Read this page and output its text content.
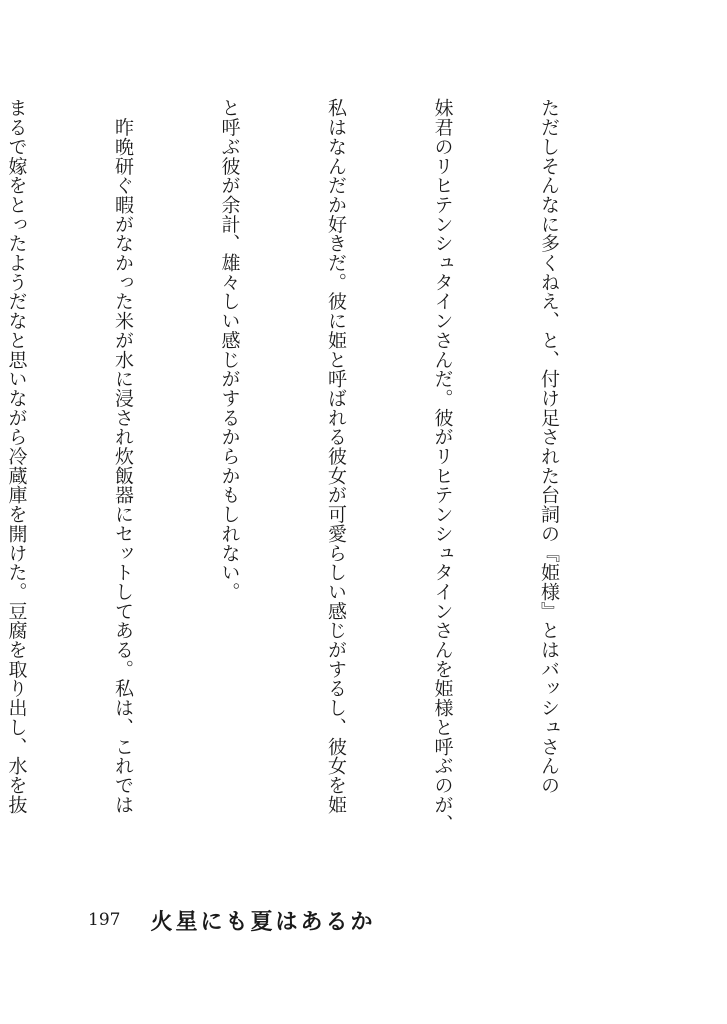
ただしそんなに多くねえ、と、付け足された台詞の『姫様』とはバッシュさんの

妹君のリヒテンシュタインさんだ。彼がリヒテンシュタインさんを姫様と呼ぶのが、

私はなんだか好きだ。彼に姫と呼ばれる彼女が可愛らしい感じがするし、彼女を姫

と呼ぶ彼が余計、雄々しい感じがするからかもしれない。

　昨晩研ぐ暇がなかった米が水に浸され炊飯器にセットしてある。私は、これでは

まるで嫁をとったようだなと思いながら冷蔵庫を開けた。豆腐を取り出し、水を抜

197 火星にも夏はあるか
